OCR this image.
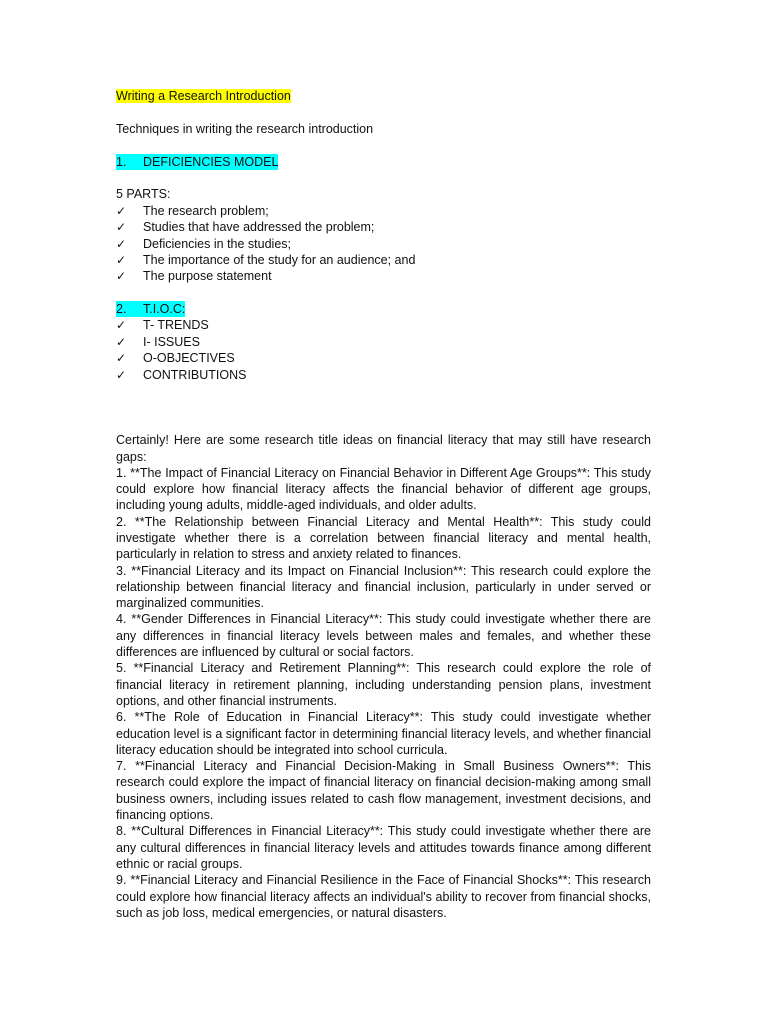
Writing a Research Introduction
Techniques in writing the research introduction
1.	DEFICIENCIES MODEL
5 PARTS:
✓	The research problem;
✓	Studies that have addressed the problem;
✓	Deficiencies in the studies;
✓	The importance of the study for an audience; and
✓	The purpose statement
2.	T.I.O.C:
✓	T- TRENDS
✓	I- ISSUES
✓	O-OBJECTIVES
✓	CONTRIBUTIONS

Certainly! Here are some research title ideas on financial literacy that may still have research gaps:

1. **The Impact of Financial Literacy on Financial Behavior in Different Age Groups**: This study could explore how financial literacy affects the financial behavior of different age groups, including young adults, middle-aged individuals, and older adults.

2. **The Relationship between Financial Literacy and Mental Health**: This study could investigate whether there is a correlation between financial literacy and mental health, particularly in relation to stress and anxiety related to finances.

3. **Financial Literacy and its Impact on Financial Inclusion**: This research could explore the relationship between financial literacy and financial inclusion, particularly in under served or marginalized communities.

4. **Gender Differences in Financial Literacy**: This study could investigate whether there are any differences in financial literacy levels between males and females, and whether these differences are influenced by cultural or social factors.

5. **Financial Literacy and Retirement Planning**: This research could explore the role of financial literacy in retirement planning, including understanding pension plans, investment options, and other financial instruments.

6. **The Role of Education in Financial Literacy**: This study could investigate whether education level is a significant factor in determining financial literacy levels, and whether financial literacy education should be integrated into school curricula.

7. **Financial Literacy and Financial Decision-Making in Small Business Owners**: This research could explore the impact of financial literacy on financial decision-making among small business owners, including issues related to cash flow management, investment decisions, and financing options.

8. **Cultural Differences in Financial Literacy**: This study could investigate whether there are any cultural differences in financial literacy levels and attitudes towards finance among different ethnic or racial groups.

9. **Financial Literacy and Financial Resilience in the Face of Financial Shocks**: This research could explore how financial literacy affects an individual's ability to recover from financial shocks, such as job loss, medical emergencies, or natural disasters.
